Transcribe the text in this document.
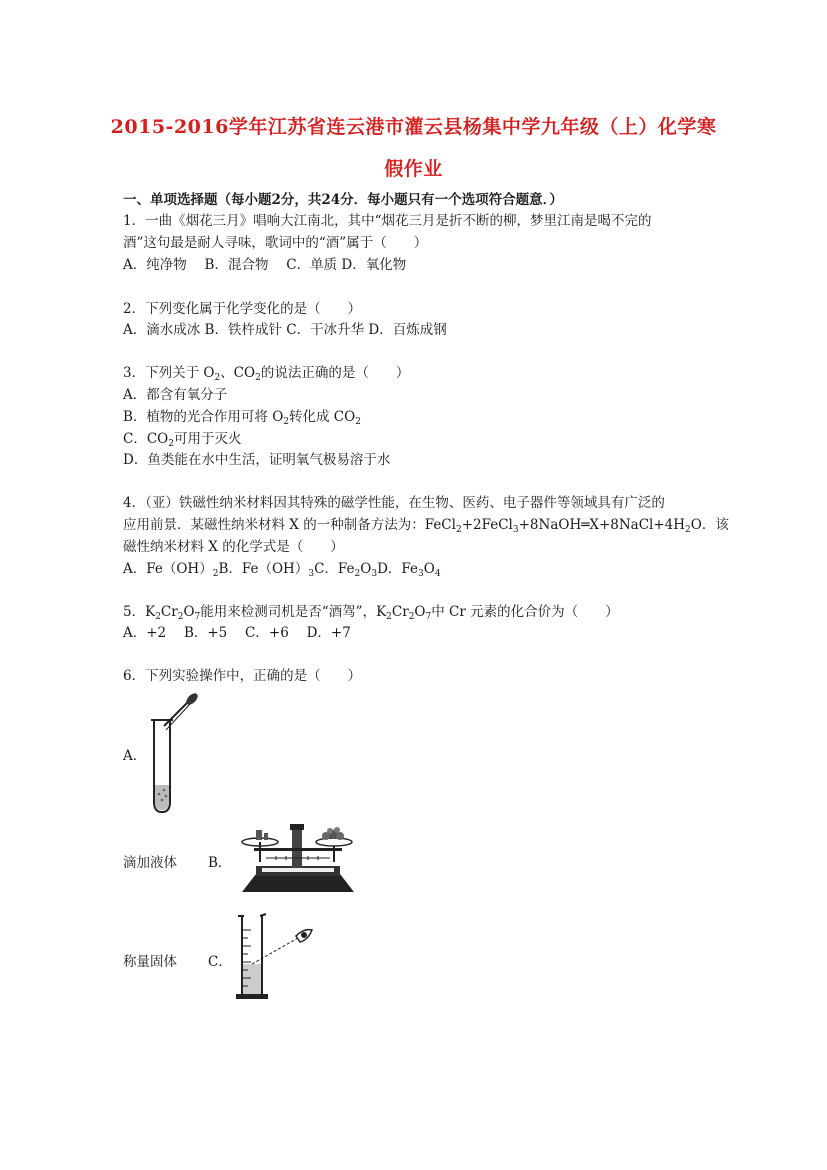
2015-2016学年江苏省连云港市灌云县杨集中学九年级（上）化学寒
假作业
一、单项选择题（每小题2分，共24分．每小题只有一个选项符合题意．）
1．一曲《烟花三月》唱响大江南北，其中“烟花三月是折不断的柳，梦里江南是喝不完的
酒”这句最是耐人寻味，歌词中的“酒”属于（　　）
A．纯净物　 B．混合物　 C．单质 D．氧化物
2．下列变化属于化学变化的是（　　）
A．滴水成冰 B．铁杵成针 C．干冰升华 D．百炼成钢
3．下列关于 $O_2$、$CO_2$的说法正确的是（　　）
A．都含有氧分子
B．植物的光合作用可将 $O_2$转化成 $CO_2$
C．$CO_2$可用于灭火
D．鱼类能在水中生活，证明氧气极易溶于水
4．（亚）铁磁性纳米材料因其特殊的磁学性能，在生物、医药、电子器件等领域具有广泛的
应用前景．某磁性纳米材料 X 的一种制备方法为：$FeCl_2+2FeCl_3+8NaOH═X+8NaCl+4H_2O$．该
磁性纳米材料 X 的化学式是（　　）
A．$Fe(OH)_2B$．$Fe(OH)_3C$．$Fe_2O_3D$．$Fe_3O_4$
5．$K_2Cr_2O_7$能用来检测司机是否“酒驾”，$K_2Cr_2O_7$中 Cr 元素的化合价为（　　）
A．+2　 B．+5　 C．+6　 D．+7
6．下列实验操作中，正确的是（　　）
A．
滴加液体 B．
称量固体 C．
